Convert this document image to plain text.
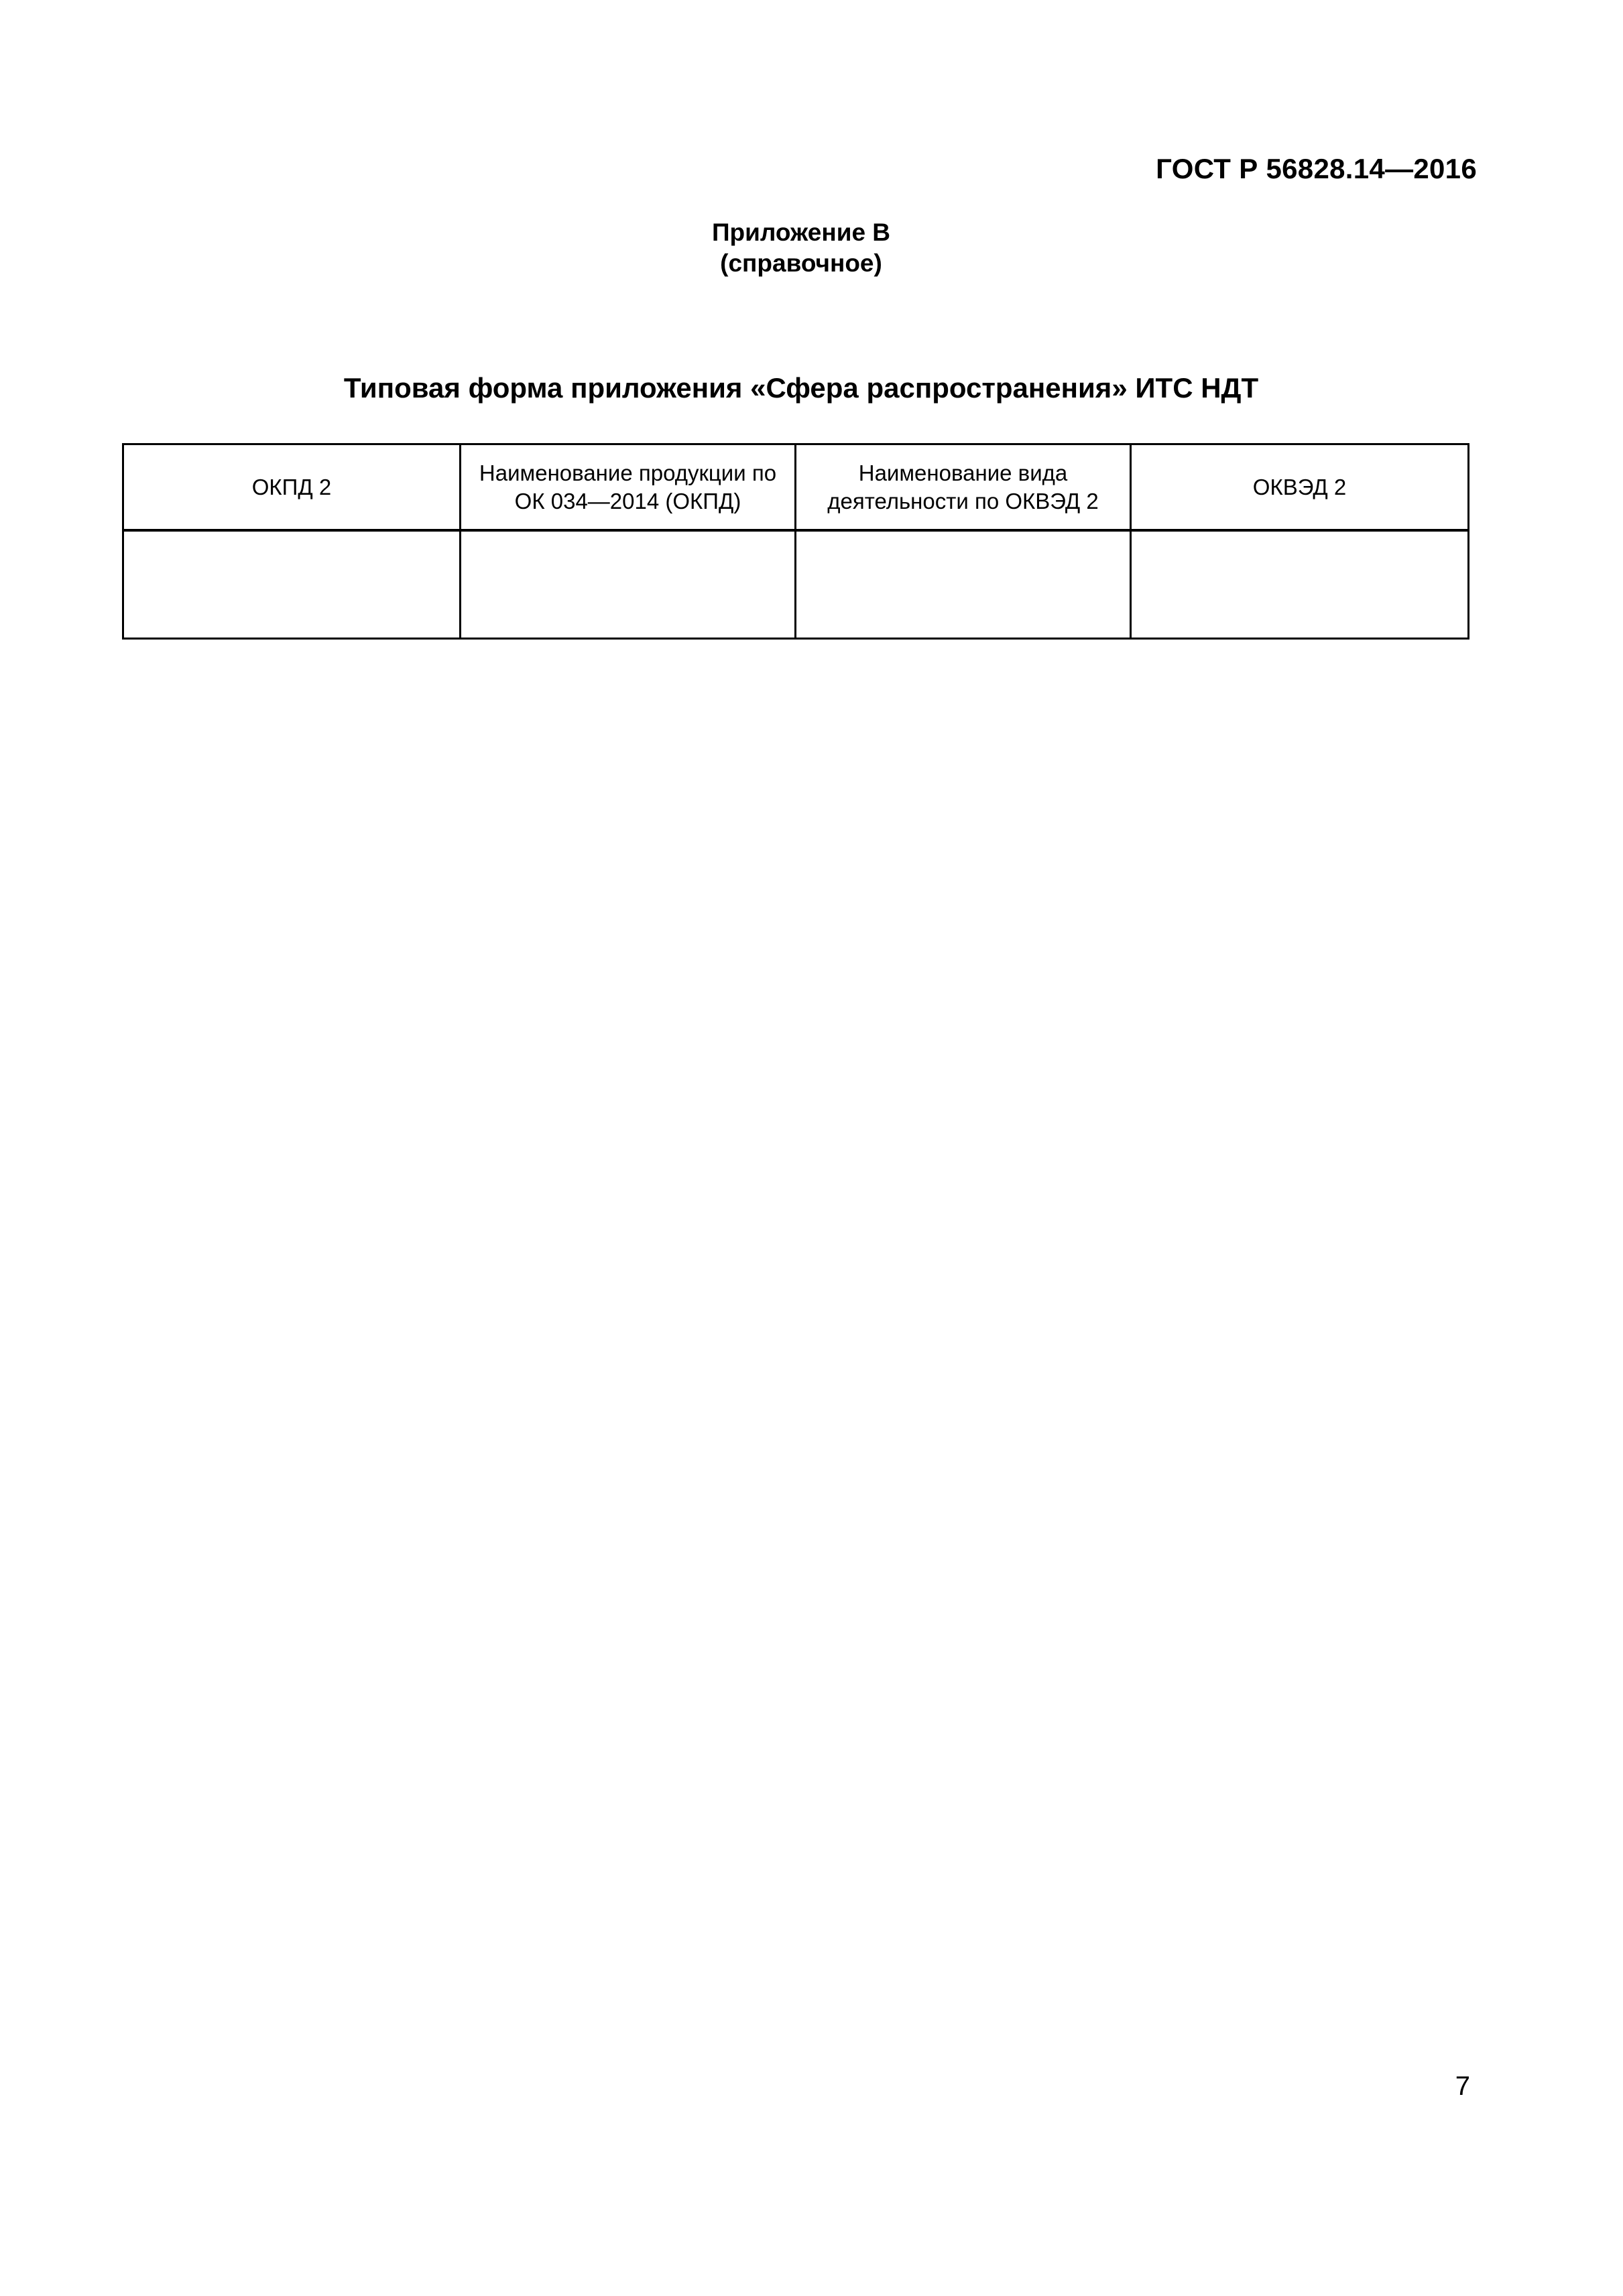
ГОСТ Р 56828.14—2016
Приложение В
(справочное)
Типовая форма приложения «Сфера распространения» ИТС НДТ
ОКПД 2	Наименование продукции по ОК 034—2014 (ОКПД)	Наименование вида деятельности по ОКВЭД 2	ОКВЭД 2

7
